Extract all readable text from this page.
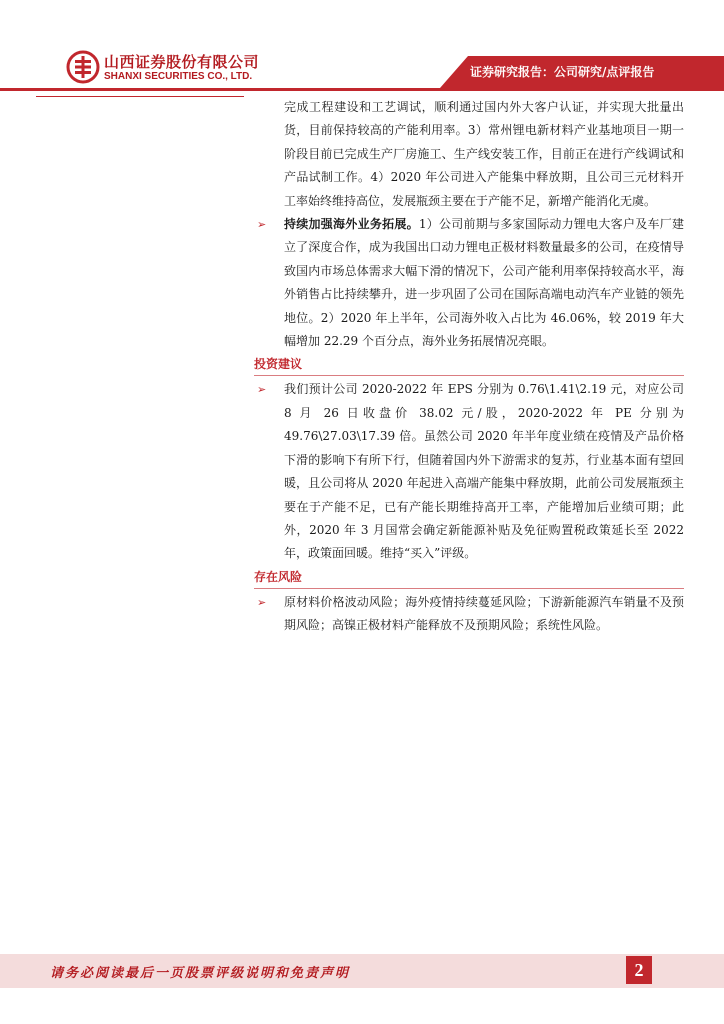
山西证券股份有限公司
SHANXI SECURITIES CO., LTD.	证券研究报告：公司研究/点评报告

完成工程建设和工艺调试，顺利通过国内外大客户认证，并实现大批量出货，目前保持较高的产能利用率。3）常州锂电新材料产业基地项目一期一阶段目前已完成生产厂房施工、生产线安装工作，目前正在进行产线调试和产品试制工作。4）2020 年公司进入产能集中释放期，且公司三元材料开工率始终维持高位，发展瓶颈主要在于产能不足，新增产能消化无虞。

➢ 持续加强海外业务拓展。1）公司前期与多家国际动力锂电大客户及车厂建立了深度合作，成为我国出口动力锂电正极材料数量最多的公司，在疫情导致国内市场总体需求大幅下滑的情况下，公司产能利用率保持较高水平，海外销售占比持续攀升，进一步巩固了公司在国际高端电动汽车产业链的领先地位。2）2020 年上半年，公司海外收入占比为 46.06%，较 2019 年大幅增加 22.29 个百分点，海外业务拓展情况亮眼。

投资建议

➢ 我们预计公司 2020-2022 年 EPS 分别为 0.76\1.41\2.19 元，对应公司 8 月 26 日收盘价 38.02 元/股，2020-2022 年 PE 分别为 49.76\27.03\17.39 倍。虽然公司 2020 年半年度业绩在疫情及产品价格下滑的影响下有所下行，但随着国内外下游需求的复苏，行业基本面有望回暖，且公司将从 2020 年起进入高端产能集中释放期，此前公司发展瓶颈主要在于产能不足，已有产能长期维持高开工率，产能增加后业绩可期；此外，2020 年 3 月国常会确定新能源补贴及免征购置税政策延长至 2022 年，政策面回暖。维持“买入”评级。

存在风险

➢ 原材料价格波动风险；海外疫情持续蔓延风险；下游新能源汽车销量不及预期风险；高镍正极材料产能释放不及预期风险；系统性风险。
请务必阅读最后一页股票评级说明和免责声明	2
